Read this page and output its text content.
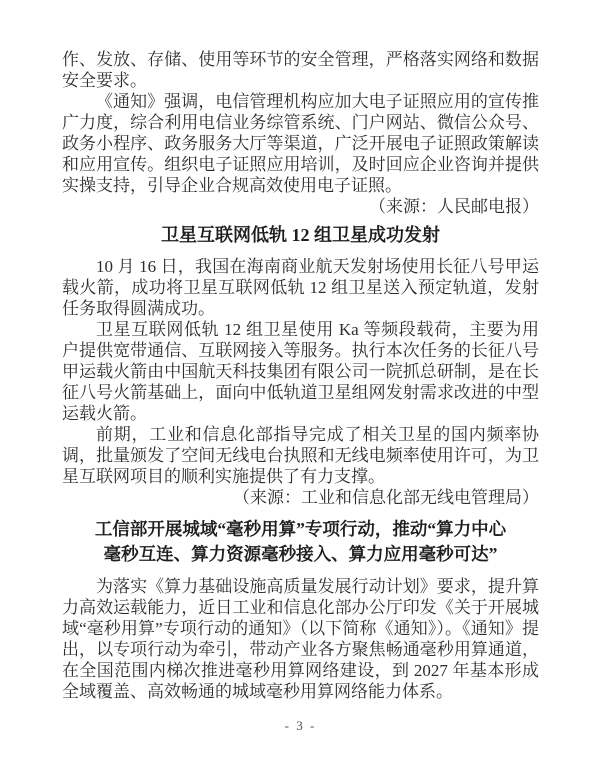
作、发放、存储、使用等环节的安全管理，严格落实网络和数据安全要求。

《通知》强调，电信管理机构应加大电子证照应用的宣传推广力度，综合利用电信业务综管系统、门户网站、微信公众号、政务小程序、政务服务大厅等渠道，广泛开展电子证照政策解读和应用宣传。组织电子证照应用培训，及时回应企业咨询并提供实操支持，引导企业合规高效使用电子证照。

（来源：人民邮电报）

卫星互联网低轨 12 组卫星成功发射

10 月 16 日，我国在海南商业航天发射场使用长征八号甲运载火箭，成功将卫星互联网低轨 12 组卫星送入预定轨道，发射任务取得圆满成功。

卫星互联网低轨 12 组卫星使用 Ka 等频段载荷，主要为用户提供宽带通信、互联网接入等服务。执行本次任务的长征八号甲运载火箭由中国航天科技集团有限公司一院抓总研制，是在长征八号火箭基础上，面向中低轨道卫星组网发射需求改进的中型运载火箭。

前期，工业和信息化部指导完成了相关卫星的国内频率协调，批量颁发了空间无线电台执照和无线电频率使用许可，为卫星互联网项目的顺利实施提供了有力支撑。

（来源：工业和信息化部无线电管理局）

工信部开展城域“毫秒用算”专项行动，推动“算力中心
毫秒互连、算力资源毫秒接入、算力应用毫秒可达”

为落实《算力基础设施高质量发展行动计划》要求，提升算力高效运载能力，近日工业和信息化部办公厅印发《关于开展城域“毫秒用算”专项行动的通知》（以下简称《通知》）。《通知》提出，以专项行动为牵引，带动产业各方聚焦畅通毫秒用算通道，在全国范围内梯次推进毫秒用算网络建设，到 2027 年基本形成全域覆盖、高效畅通的城域毫秒用算网络能力体系。

- 3 -
